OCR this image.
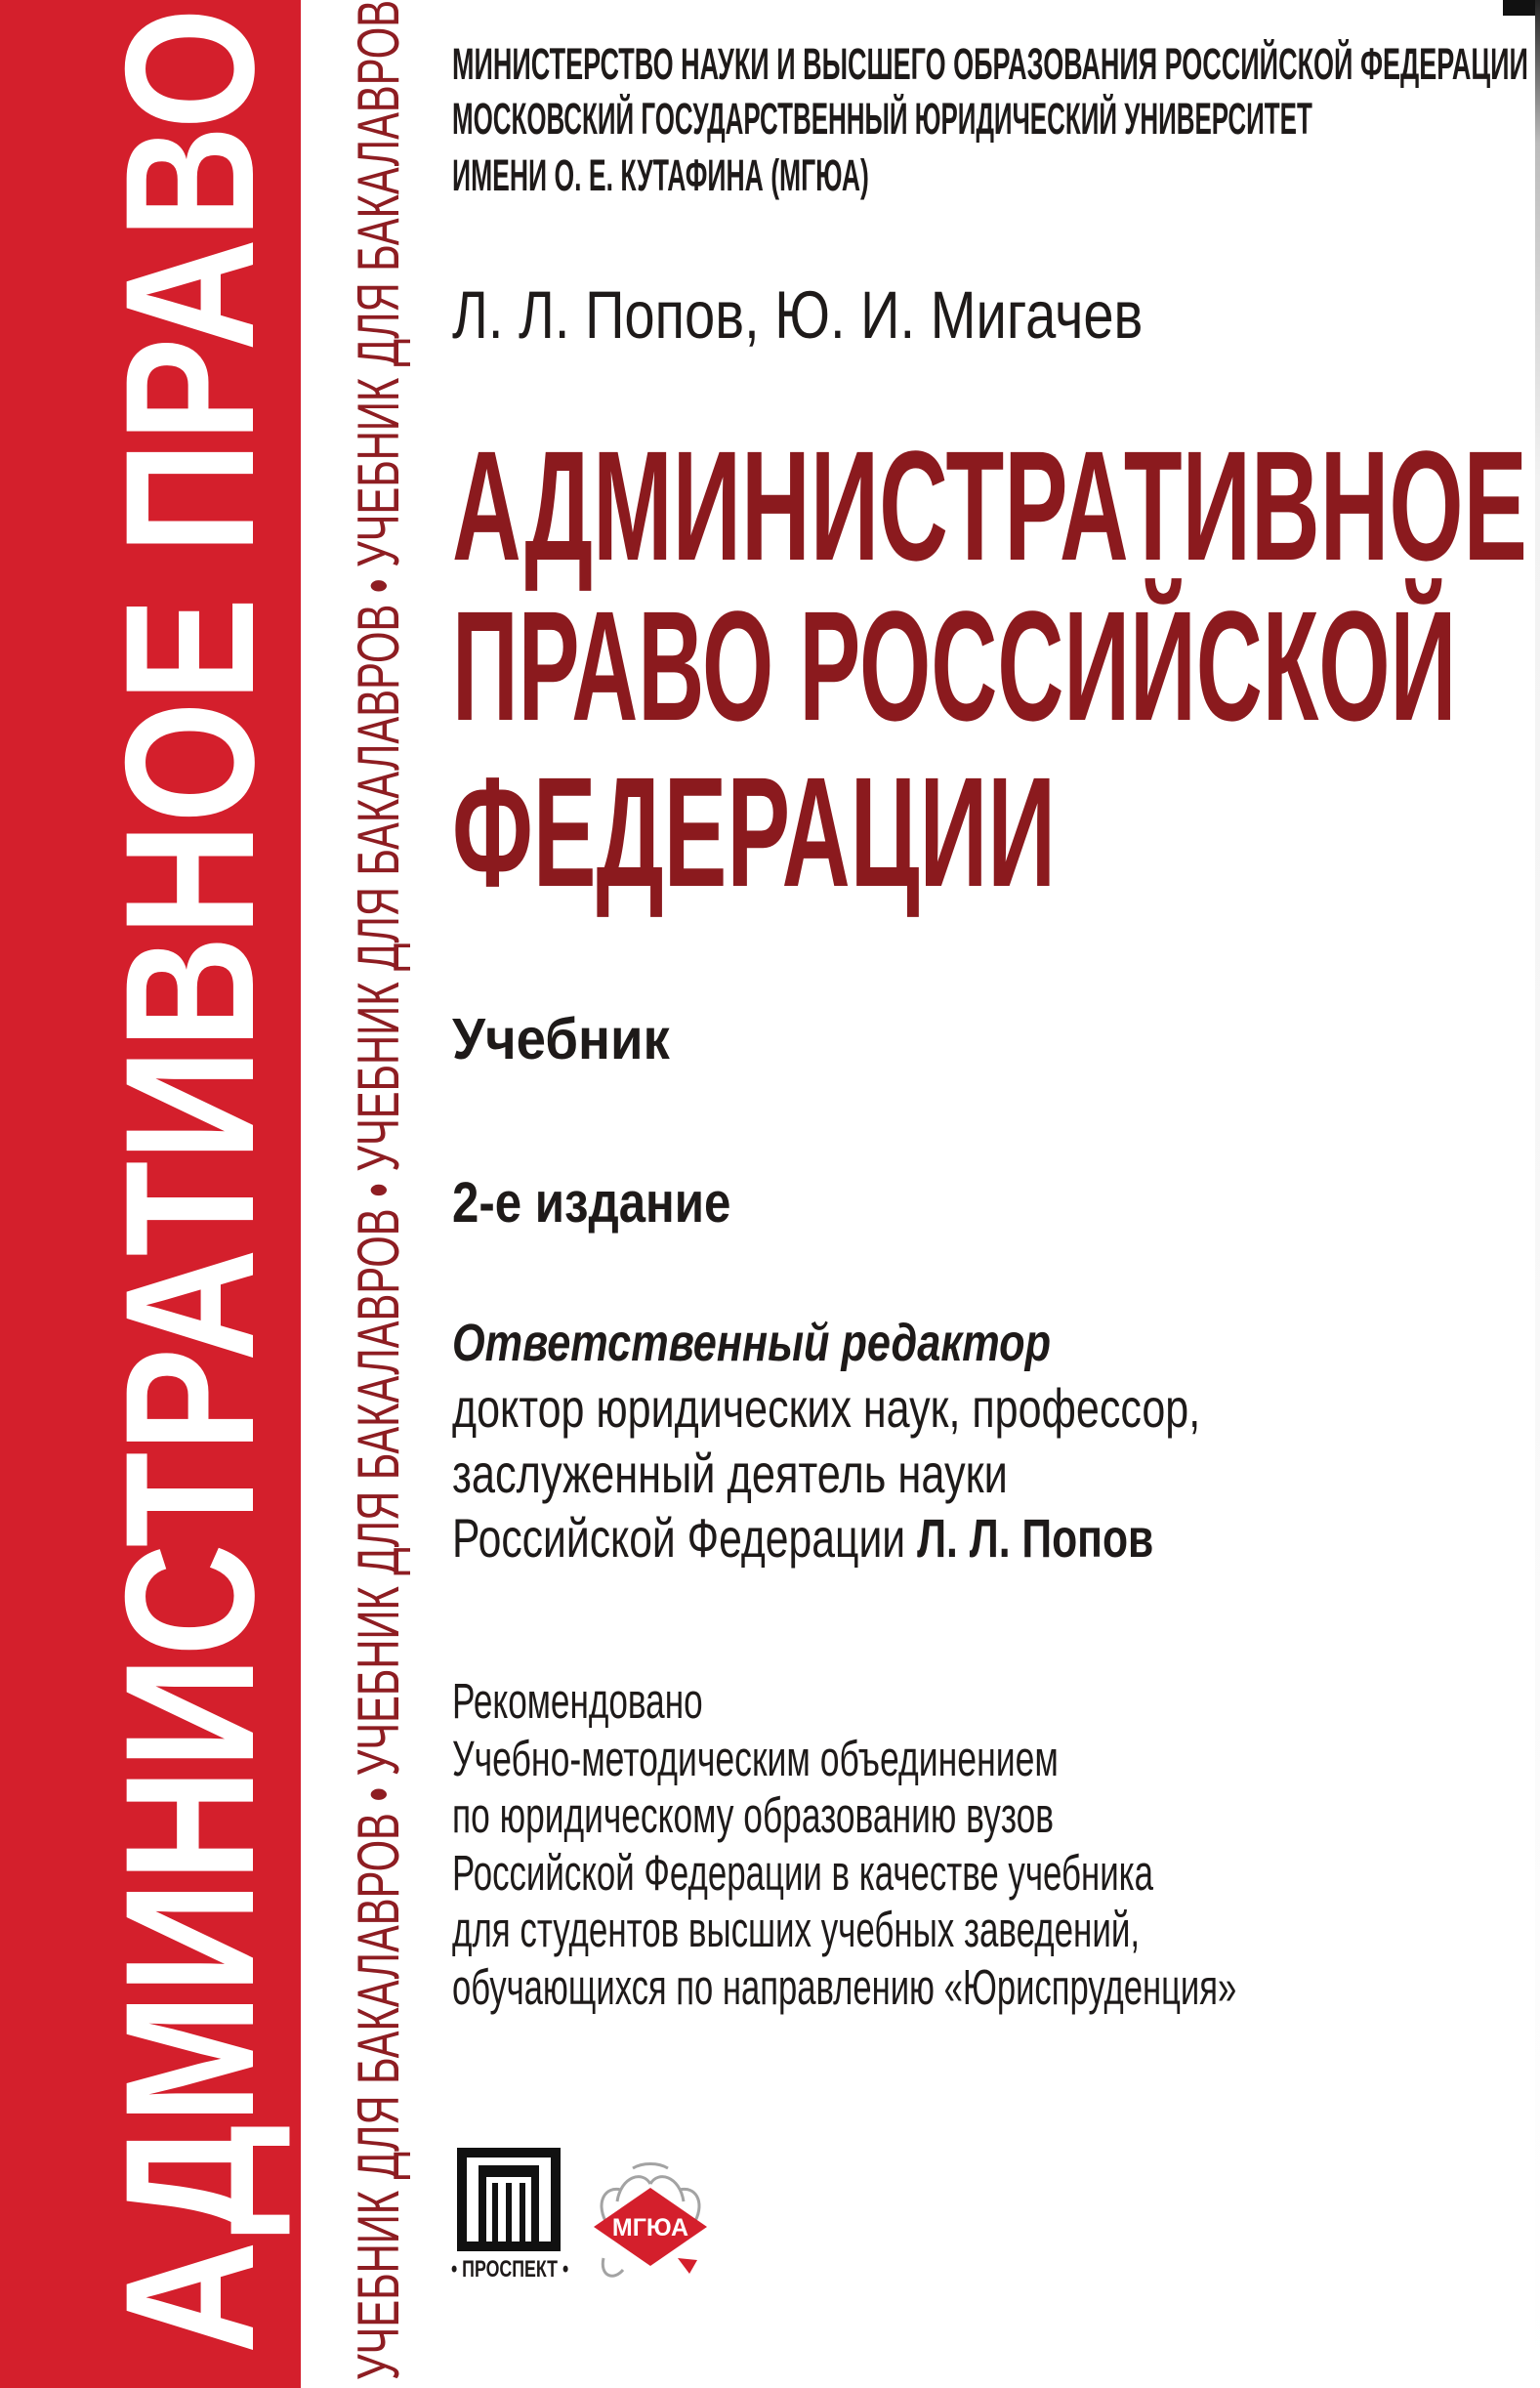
АДМИНИСТРАТИВНОЕ ПРАВО УЧЕБНИК ДЛЯ БАКАЛАВРОВ • УЧЕБНИК ДЛЯ БАКАЛАВРОВ • УЧЕБНИК ДЛЯ БАКАЛАВРОВ • УЧЕБНИК ДЛЯ БАКАЛАВРОВ МИНИСТЕРСТВО НАУКИ И ВЫСШЕГО ОБРАЗОВАНИЯ РОССИЙСКОЙ ФЕДЕРАЦИИ
МОСКОВСКИЙ ГОСУДАРСТВЕННЫЙ ЮРИДИЧЕСКИЙ УНИВЕРСИТЕТ
ИМЕНИ О. Е. КУТАФИНА (МГЮА)
Л. Л. Попов, Ю. И. Мигачев
АДМИНИСТРАТИВНОЕ
ПРАВО РОССИЙСКОЙ
ФЕДЕРАЦИИ
Учебник
2-е издание
Ответственный редактор
доктор юридических наук, профессор,
заслуженный деятель науки
Российской Федерации Л. Л. Попов
Рекомендовано
Учебно-методическим объединением
по юридическому образованию вузов
Российской Федерации в качестве учебника
для студентов высших учебных заведений,
обучающихся по направлению «Юриспруденция»
• ПРОСПЕКТ •
МГЮА
